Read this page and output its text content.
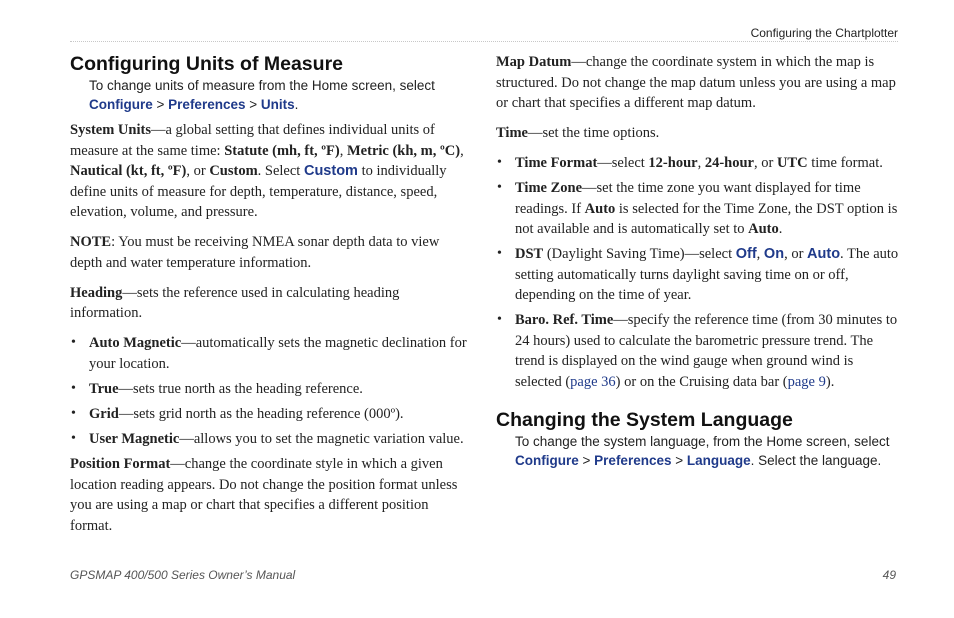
Configuring the Chartplotter
Configuring Units of Measure

To change units of measure from the Home screen, select
Configure > Preferences > Units.

System Units—a global setting that defines individual units of measure at the same time: Statute (mh, ft, ºF), Metric (kh, m, ºC), Nautical (kt, ft, ºF), or Custom. Select Custom to individually define units of measure for depth, temperature, distance, speed, elevation, volume, and pressure.

NOTE: You must be receiving NMEA sonar depth data to view depth and water temperature information.

Heading—sets the reference used in calculating heading information.

• Auto Magnetic—automatically sets the magnetic declination for your location.
• True—sets true north as the heading reference.
• Grid—sets grid north as the heading reference (000º).
• User Magnetic—allows you to set the magnetic variation value.

Position Format—change the coordinate style in which a given location reading appears. Do not change the position format unless you are using a map or chart that specifies a different position format.

Map Datum—change the coordinate system in which the map is structured. Do not change the map datum unless you are using a map or chart that specifies a different map datum.

Time—set the time options.

• Time Format—select 12-hour, 24-hour, or UTC time format.
• Time Zone—set the time zone you want displayed for time readings. If Auto is selected for the Time Zone, the DST option is not available and is automatically set to Auto.
• DST (Daylight Saving Time)—select Off, On, or Auto. The auto setting automatically turns daylight saving time on or off, depending on the time of year.
• Baro. Ref. Time—specify the reference time (from 30 minutes to 24 hours) used to calculate the barometric pressure trend. The trend is displayed on the wind gauge when ground wind is selected (page 36) or on the Cruising data bar (page 9).
Changing the System Language

To change the system language, from the Home screen, select
Configure > Preferences > Language. Select the language.

GPSMAP 400/500 Series Owner’s Manual	49
